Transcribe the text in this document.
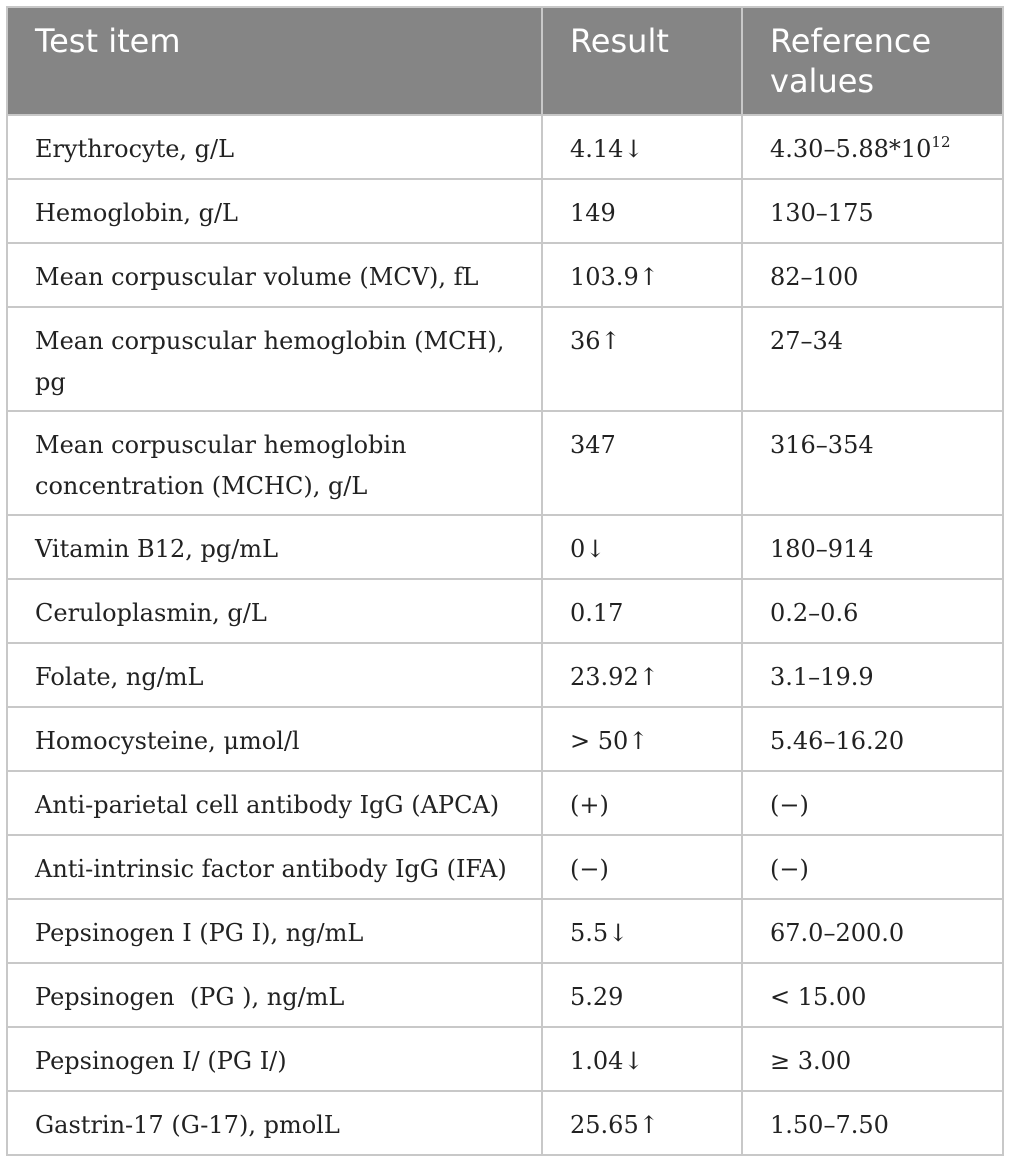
Test item	Result	Reference values
Erythrocyte, g/L	4.14↓	$4.30-5.88*10^{12}$
Hemoglobin, g/L	149	130–175
Mean corpuscular volume (MCV), fL	103.9↑	82–100
Mean corpuscular hemoglobin (MCH), pg	36↑	27–34
Mean corpuscular hemoglobin concentration (MCHC), g/L	347	316–354
Vitamin B12, pg/mL	0↓	180–914
Ceruloplasmin, g/L	0.17	0.2–0.6
Folate, ng/mL	23.92↑	3.1–19.9
Homocysteine, μmol/l	> 50↑	5.46–16.20
Anti-parietal cell antibody IgG (APCA)	(+)	(−)
Anti-intrinsic factor antibody IgG (IFA)	(−)	(−)
Pepsinogen I (PG I), ng/mL	5.5↓	67.0–200.0
Pepsinogen  (PG ), ng/mL	5.29	< 15.00
Pepsinogen I/ (PG I/)	1.04↓	≥ 3.00
Gastrin-17 (G-17), pmolL	25.65↑	1.50–7.50
